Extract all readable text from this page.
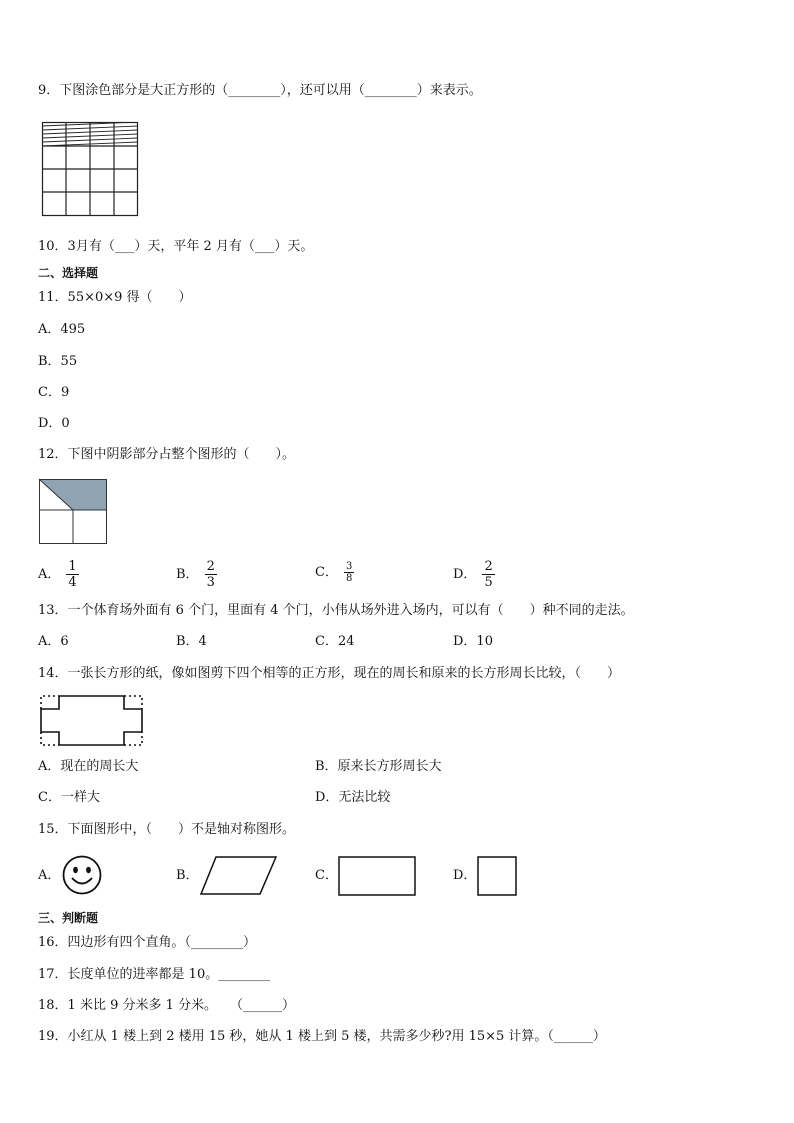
9．下图涂色部分是大正方形的（________），还可以用（________）来表示。
10．3月有（___）天，平年 2 月有（___）天。
二、选择题
11．55×0×9 得（　　）
A．495
B．55
C．9
D．0
12．下图中阴影部分占整个图形的（　　）。
A． $\frac{1}{4}$	B． $\frac{2}{3}$	C． $\frac{3}{8}$	D． $\frac{2}{5}$
13．一个体育场外面有 6 个门，里面有 4 个门，小伟从场外进入场内，可以有（　　）种不同的走法。
A．6	B．4	C．24	D．10
14．一张长方形的纸，像如图剪下四个相等的正方形，现在的周长和原来的长方形周长比较，（　　）
A．现在的周长大	B．原来长方形周长大
C．一样大	D．无法比较
15．下面图形中，（　　）不是轴对称图形。
A．	B．	C．	D．
三、判断题
16．四边形有四个直角。（________）
17．长度单位的进率都是 10。________
18．1 米比 9 分米多 1 分米。　　（______）
19．小红从 1 楼上到 2 楼用 15 秒，她从 1 楼上到 5 楼，共需多少秒?用 15×5 计算。（______）
